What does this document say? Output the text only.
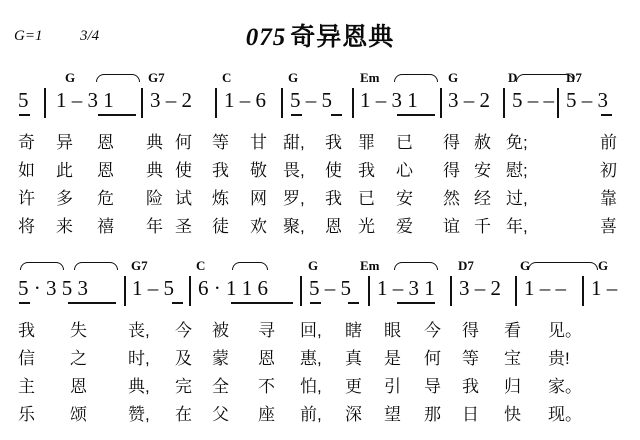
G=1	3/4	075 奇异恩典
G	G7	C	G	Em	G	D	D7
5 1 – 3 1 3 – 2 1 – 6 5 – 5 1 – 3 1 3 – 2 5 – – 5 – 3
奇 异 恩 典 何 等 甘 甜, 我 罪 已 得 赦 免;	前
如 此 恩 典 使 我 敬 畏, 使 我 心 得 安 慰;	初
许 多 危 险 试 炼 网 罗, 我 已 安 然 经 过,	靠
将 来 禧 年 圣 徒 欢 聚, 恩 光 爱 谊 千 年,	喜
G7	C	G	Em	D7	G	G
5 · 3 5 3 1 – 5 6 · 1 1 6 5 – 5 1 – 3 1 3 – 2 1 – – 1 –
我 失 丧, 今 被 寻 回, 瞎 眼 今 得 看 见。
信 之 时, 及 蒙 恩 惠, 真 是 何 等 宝 贵!
主 恩 典, 完 全 不 怕, 更 引 导 我 归 家。
乐 颂 赞, 在 父 座 前, 深 望 那 日 快 现。
